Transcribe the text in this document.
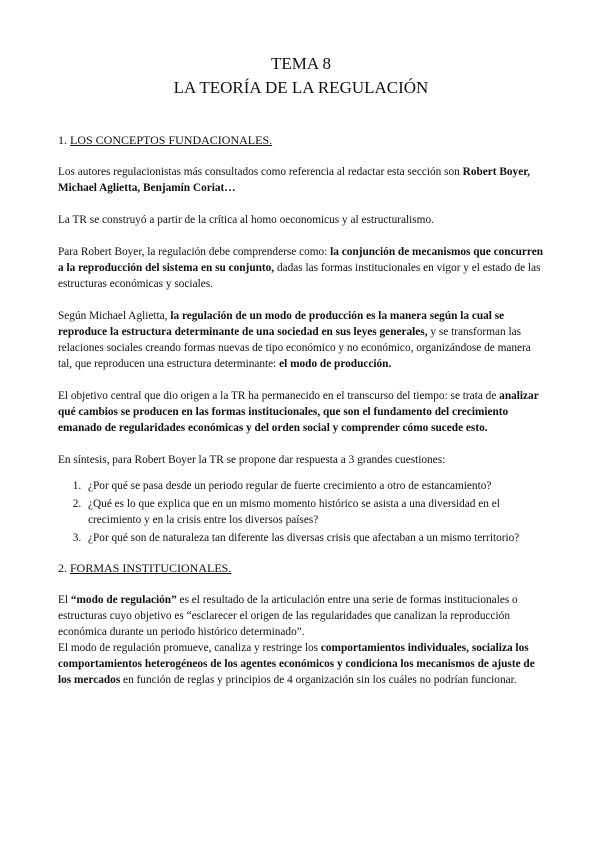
TEMA 8
LA TEORÍA DE LA REGULACIÓN
1. LOS CONCEPTOS FUNDACIONALES.

Los autores regulacionistas más consultados como referencia al redactar esta sección son Robert Boyer, Michael Aglietta, Benjamín Coriat…

La TR se construyó a partir de la crítica al homo oeconomicus y al estructuralismo.

Para Robert Boyer, la regulación debe comprenderse como: la conjunción de mecanismos que concurren a la reproducción del sistema en su conjunto, dadas las formas institucionales en vigor y el estado de las estructuras económicas y sociales.

Según Michael Aglietta, la regulación de un modo de producción es la manera según la cual se reproduce la estructura determinante de una sociedad en sus leyes generales, y se transforman las relaciones sociales creando formas nuevas de tipo económico y no económico, organizándose de manera tal, que reproducen una estructura determinante: el modo de producción.

El objetivo central que dio origen a la TR ha permanecido en el transcurso del tiempo: se trata de analizar qué cambios se producen en las formas institucionales, que son el fundamento del crecimiento emanado de regularidades económicas y del orden social y comprender cómo sucede esto.

En síntesis, para Robert Boyer la TR se propone dar respuesta a 3 grandes cuestiones:

1. ¿Por qué se pasa desde un periodo regular de fuerte crecimiento a otro de estancamiento?
2. ¿Qué es lo que explica que en un mismo momento histórico se asista a una diversidad en el crecimiento y en la crisis entre los diversos países?
3. ¿Por qué son de naturaleza tan diferente las diversas crisis que afectaban a un mismo territorio?
2. FORMAS INSTITUCIONALES.

El “modo de regulación” es el resultado de la articulación entre una serie de formas institucionales o estructuras cuyo objetivo es “esclarecer el origen de las regularidades que canalizan la reproducción económica durante un periodo histórico determinado”.

El modo de regulación promueve, canaliza y restringe los comportamientos individuales, socializa los comportamientos heterogéneos de los agentes económicos y condiciona los mecanismos de ajuste de los mercados en función de reglas y principios de 4 organización sin los cuáles no podrían funcionar.
